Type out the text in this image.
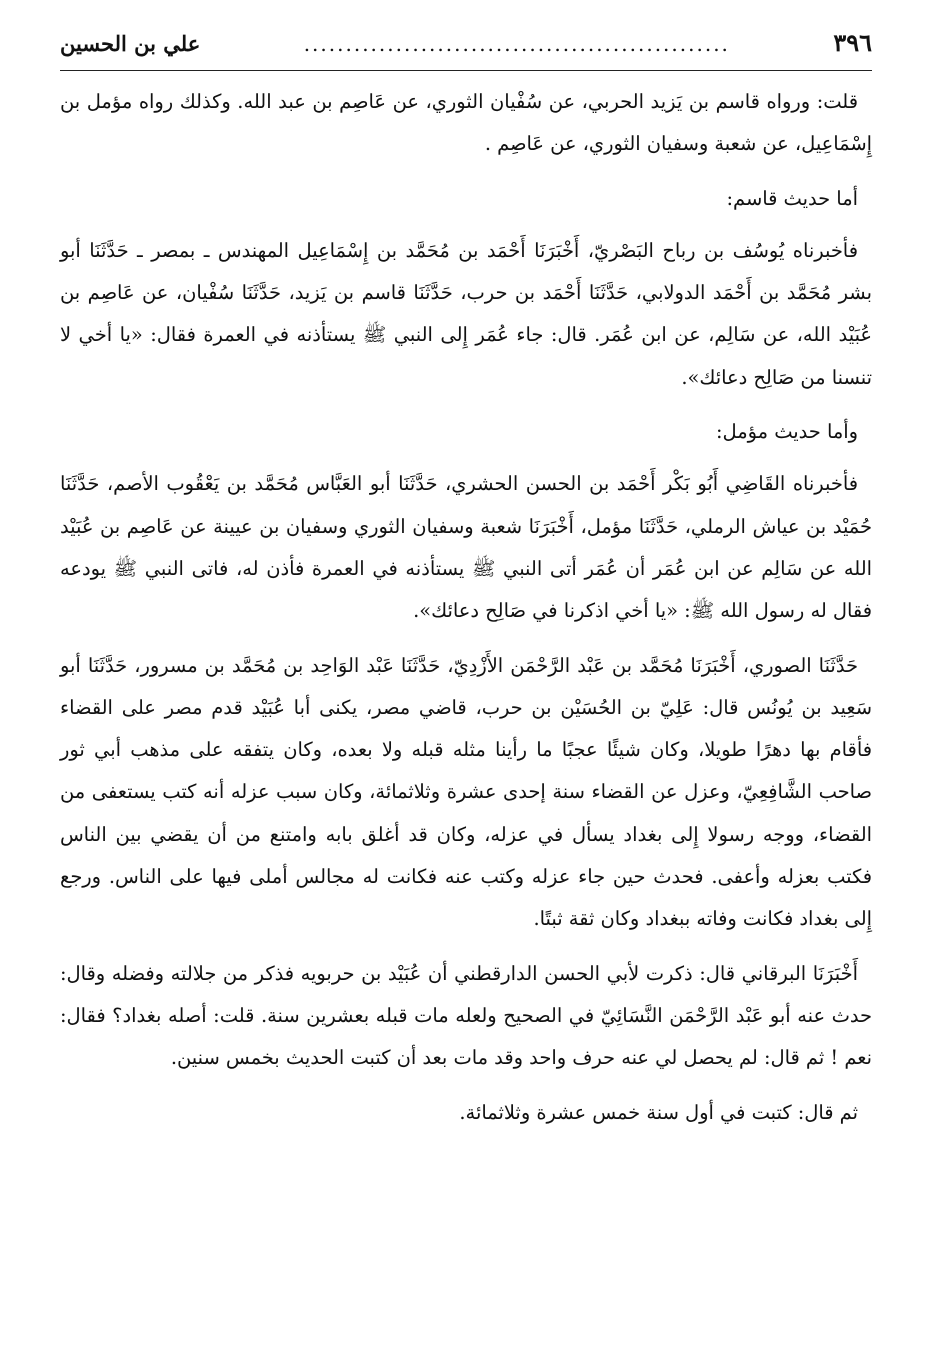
٣٩٦
...................................................
علي بن الحسين

قلت: ورواه قاسم بن يَزيد الحربي، عن سُفْيان الثوري، عن عَاصِم بن عبد الله. وكذلك رواه مؤمل بن إِسْمَاعِيل، عن شعبة وسفيان الثوري، عن عَاصِم .

أما حديث قاسم:

فأخبرناه يُوسُف بن رباح البَصْريّ، أَخْبَرَنَا أَحْمَد بن مُحَمَّد بن إِسْمَاعِيل المهندس ـ بمصر ـ حَدَّثَنَا أبو بشر مُحَمَّد بن أَحْمَد الدولابي، حَدَّثَنَا أَحْمَد بن حرب، حَدَّثَنَا قاسم بن يَزيد، حَدَّثَنَا سُفْيان، عن عَاصِم بن عُبَيْد الله، عن سَالِم، عن ابن عُمَر. قال: جاء عُمَر إِلى النبي ﷺ يستأذنه في العمرة فقال: «يا أخي لا تنسنا من صَالِح دعائك».

وأما حديث مؤمل:

فأخبرناه القَاضِي أَبُو بَكْر أَحْمَد بن الحسن الحشري، حَدَّثَنَا أبو العَبَّاس مُحَمَّد بن يَعْقُوب الأصم، حَدَّثَنَا حُمَيْد بن عياش الرملي، حَدَّثَنَا مؤمل، أَخْبَرَنَا شعبة وسفيان الثوري وسفيان بن عيينة عن عَاصِم بن عُبَيْد الله عن سَالِم عن ابن عُمَر أن عُمَر أتى النبي ﷺ يستأذنه في العمرة فأذن له، فاتى النبي ﷺ يودعه فقال له رسول الله ﷺ: «يا أخي اذكرنا في صَالِح دعائك».

حَدَّثَنَا الصوري، أَخْبَرَنَا مُحَمَّد بن عَبْد الرَّحْمَن الأَزْدِيّ، حَدَّثَنَا عَبْد الوَاحِد بن مُحَمَّد بن مسرور، حَدَّثَنَا أبو سَعِيد بن يُونُس قال: عَلِيّ بن الحُسَيْن بن حرب، قاضي مصر، يكنى أبا عُبَيْد قدم مصر على القضاء فأقام بها دهرًا طويلا، وكان شيئًا عجبًا ما رأينا مثله قبله ولا بعده، وكان يتفقه على مذهب أبي ثور صاحب الشَّافِعِيّ، وعزل عن القضاء سنة إحدى عشرة وثلاثمائة، وكان سبب عزله أنه كتب يستعفى من القضاء، ووجه رسولا إِلى بغداد يسأل في عزله، وكان قد أغلق بابه وامتنع من أن يقضي بين الناس فكتب بعزله وأعفى. فحدث حين جاء عزله وكتب عنه فكانت له مجالس أملى فيها على الناس. ورجع إِلى بغداد فكانت وفاته ببغداد وكان ثقة ثبتًا.

أَخْبَرَنَا البرقاني قال: ذكرت لأبي الحسن الدارقطني أن عُبَيْد بن حربويه فذكر من جلالته وفضله وقال: حدث عنه أبو عَبْد الرَّحْمَن النَّسَائِيّ في الصحيح ولعله مات قبله بعشرين سنة. قلت: أصله بغداد؟ فقال: نعم ! ثم قال: لم يحصل لي عنه حرف واحد وقد مات بعد أن كتبت الحديث بخمس سنين.

ثم قال: كتبت في أول سنة خمس عشرة وثلاثمائة.
